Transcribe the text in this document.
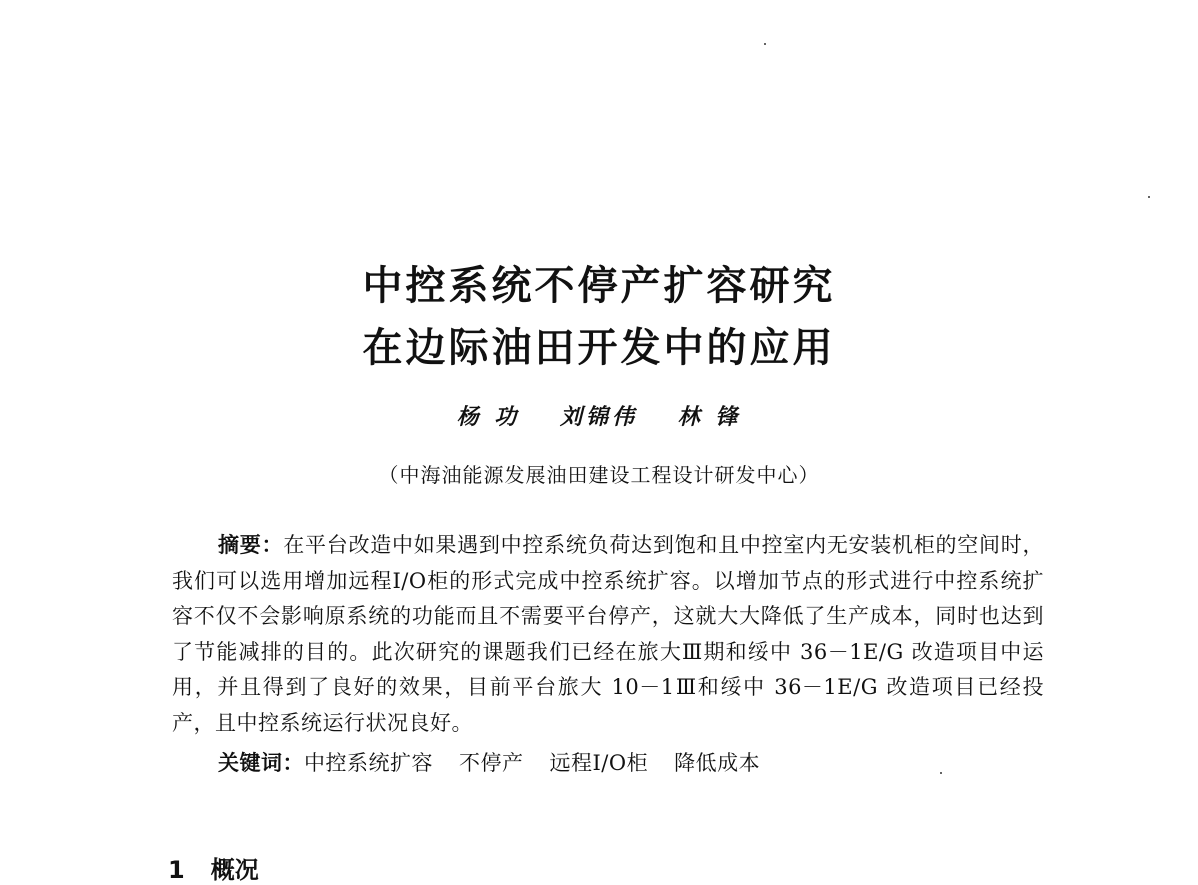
中控系统不停产扩容研究
在边际油田开发中的应用
杨 功 刘锦伟 林 锋
（中海油能源发展油田建设工程设计研发中心）
摘要：在平台改造中如果遇到中控系统负荷达到饱和且中控室内无安装机柜的空间时，我们可以选用增加远程I/O柜的形式完成中控系统扩容。以增加节点的形式进行中控系统扩容不仅不会影响原系统的功能而且不需要平台停产，这就大大降低了生产成本，同时也达到了节能减排的目的。此次研究的课题我们已经在旅大Ⅲ期和绥中 36－1E/G 改造项目中运用，并且得到了良好的效果，目前平台旅大 10－1Ⅲ和绥中 36－1E/G 改造项目已经投产，且中控系统运行状况良好。
关键词：中控系统扩容 不停产 远程I/O柜 降低成本
1 概况
